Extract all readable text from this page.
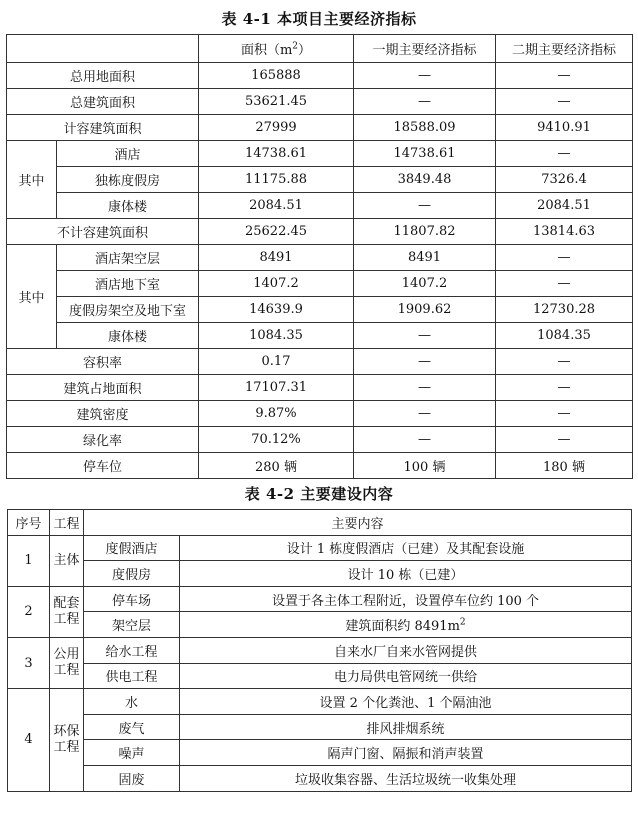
表 4-1 本项目主要经济指标
		面积$(m^2)$	一期主要经济指标	二期主要经济指标
总用地面积		165888	—	—
总建筑面积		53621.45	—	—
计容建筑面积		27999	18588.09	9410.91
其中	酒店	14738.61	14738.61	—
	独栋度假房	11175.88	3849.48	7326.4
	康体楼	2084.51	—	2084.51
不计容建筑面积		25622.45	11807.82	13814.63
其中	酒店架空层	8491	8491	—
	酒店地下室	1407.2	1407.2	—
	度假房架空及地下室	14639.9	1909.62	12730.28
	康体楼	1084.35	—	1084.35
容积率		0.17	—	—
建筑占地面积		17107.31	—	—
建筑密度		9.87%	—	—
绿化率		70.12%	—	—
停车位		280 辆	100 辆	180 辆
表 4-2 主要建设内容
序号	工程	主要内容	
1	主体	度假酒店	设计 1 栋度假酒店（已建）及其配套设施
		度假房	设计 10 栋（已建）
2	配套工程	停车场	设置于各主体工程附近，设置停车位约 100 个
		架空层	建筑面积约 $8491m^2$
3	公用工程	给水工程	自来水厂自来水管网提供
		供电工程	电力局供电管网统一供给
4	环保工程	水	设置 2 个化粪池、1 个隔油池
		废气	排风排烟系统
		噪声	隔声门窗、隔振和消声装置
		固废	垃圾收集容器、生活垃圾统一收集处理
